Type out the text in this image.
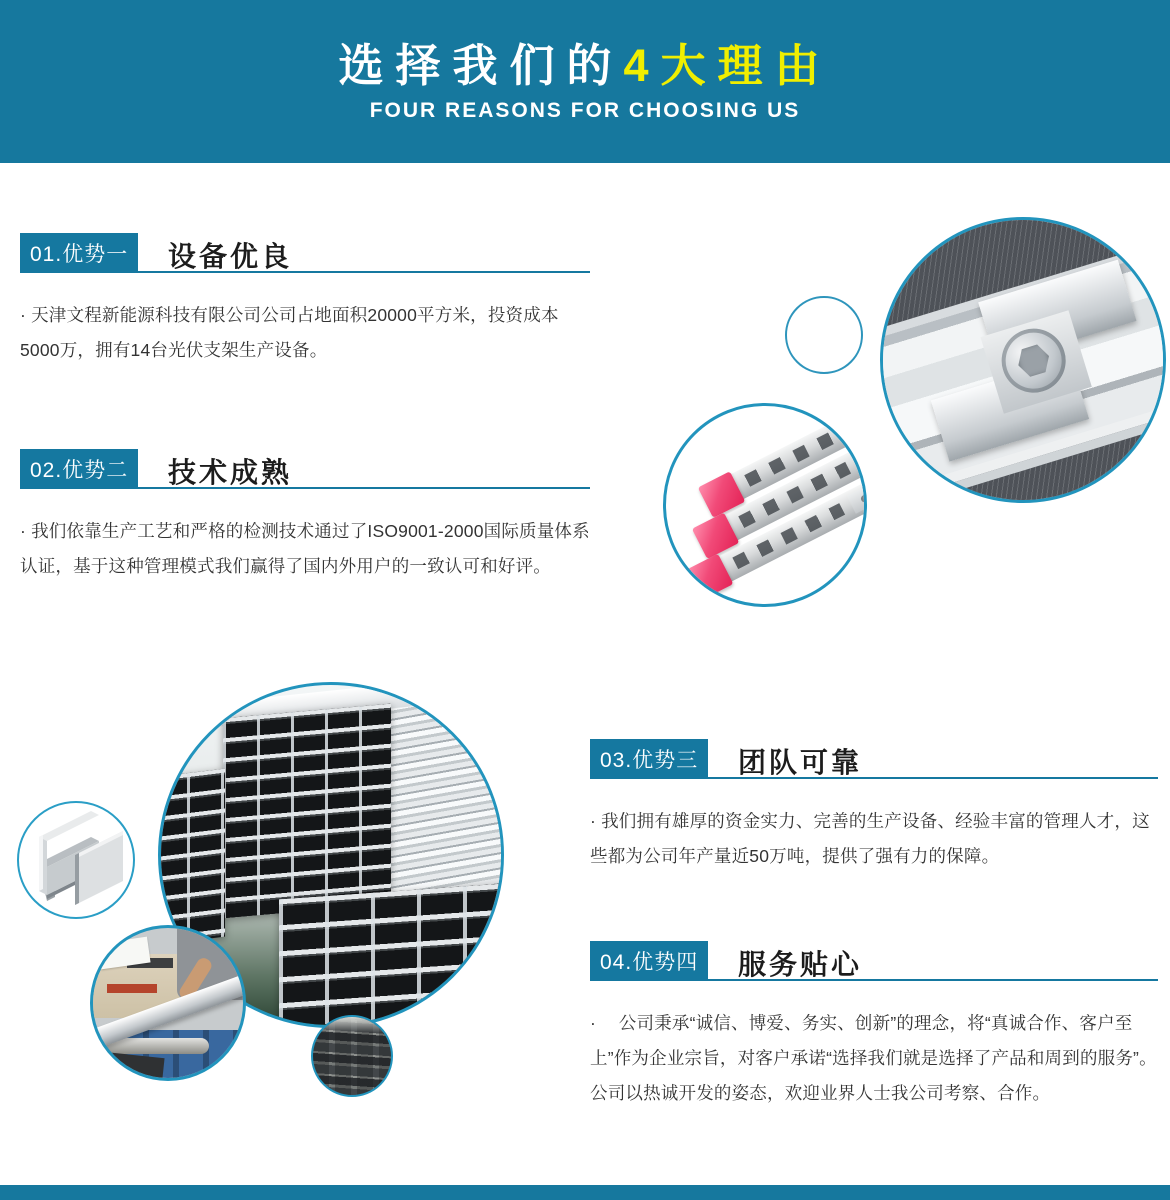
选择我们的4大理由
FOUR REASONS FOR CHOOSING US
01.优势一	设备优良
· 天津文程新能源科技有限公司公司占地面积20000平方米，投资成本5000万，拥有14台光伏支架生产设备。
02.优势二	技术成熟
· 我们依靠生产工艺和严格的检测技术通过了ISO9001-2000国际质量体系认证，基于这种管理模式我们赢得了国内外用户的一致认可和好评。
03.优势三	团队可靠
· 我们拥有雄厚的资金实力、完善的生产设备、经验丰富的管理人才，这些都为公司年产量近50万吨，提供了强有力的保障。
04.优势四	服务贴心
·　 公司秉承“诚信、博爱、务实、创新”的理念，将“真诚合作、客户至上”作为企业宗旨，对客户承诺“选择我们就是选择了产品和周到的服务”。公司以热诚开发的姿态，欢迎业界人士我公司考察、合作。
